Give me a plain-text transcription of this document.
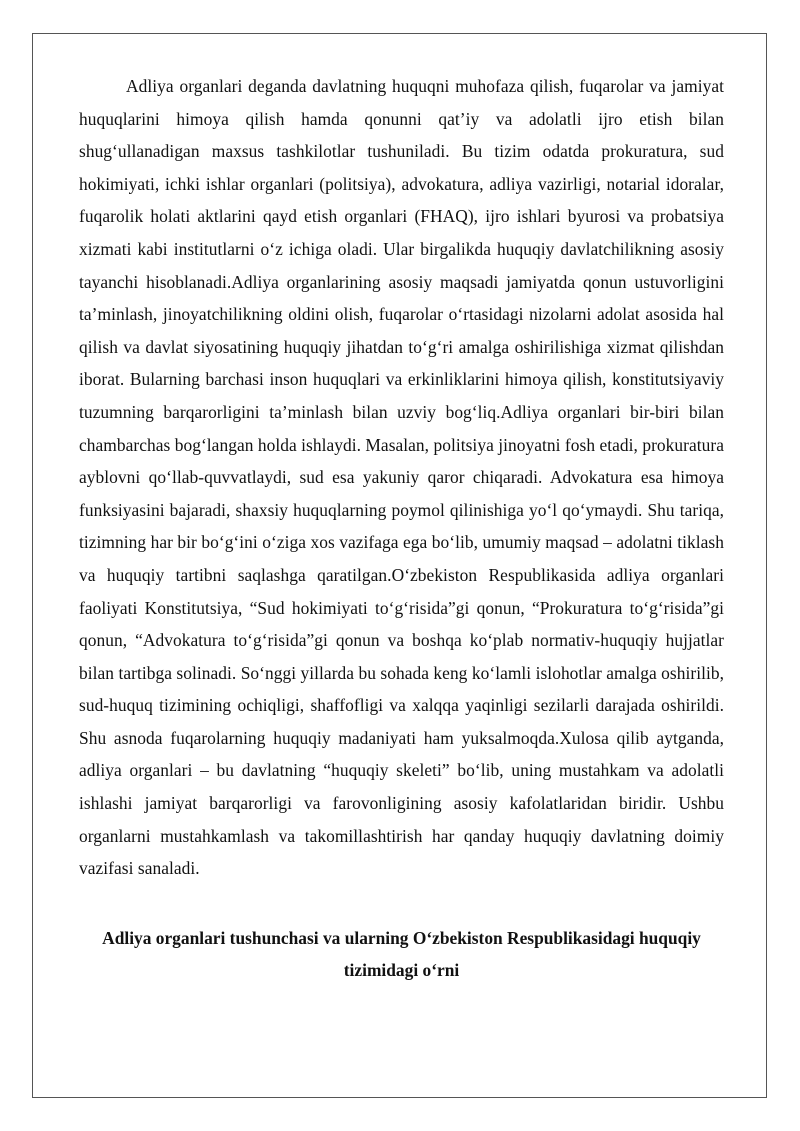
Adliya organlari deganda davlatning huquqni muhofaza qilish, fuqarolar va jamiyat huquqlarini himoya qilish hamda qonunni qat’iy va adolatli ijro etish bilan shug‘ullanadigan maxsus tashkilotlar tushuniladi. Bu tizim odatda prokuratura, sud hokimiyati, ichki ishlar organlari (politsiya), advokatura, adliya vazirligi, notarial idoralar, fuqarolik holati aktlarini qayd etish organlari (FHAQ), ijro ishlari byurosi va probatsiya xizmati kabi institutlarni o‘z ichiga oladi. Ular birgalikda huquqiy davlatchilikning asosiy tayanchi hisoblanadi.Adliya organlarining asosiy maqsadi jamiyatda qonun ustuvorligini ta’minlash, jinoyatchilikning oldini olish, fuqarolar o‘rtasidagi nizolarni adolat asosida hal qilish va davlat siyosatining huquqiy jihatdan to‘g‘ri amalga oshirilishiga xizmat qilishdan iborat. Bularning barchasi inson huquqlari va erkinliklarini himoya qilish, konstitutsiyaviy tuzumning barqarorligini ta’minlash bilan uzviy bog‘liq.Adliya organlari bir-biri bilan chambarchas bog‘langan holda ishlaydi. Masalan, politsiya jinoyatni fosh etadi, prokuratura ayblovni qo‘llab-quvvatlaydi, sud esa yakuniy qaror chiqaradi. Advokatura esa himoya funksiyasini bajaradi, shaxsiy huquqlarning poymol qilinishiga yo‘l qo‘ymaydi. Shu tariqa, tizimning har bir bo‘g‘ini o‘ziga xos vazifaga ega bo‘lib, umumiy maqsad – adolatni tiklash va huquqiy tartibni saqlashga qaratilgan.O‘zbekiston Respublikasida adliya organlari faoliyati Konstitutsiya, “Sud hokimiyati to‘g‘risida”gi qonun, “Prokuratura to‘g‘risida”gi qonun, “Advokatura to‘g‘risida”gi qonun va boshqa ko‘plab normativ-huquqiy hujjatlar bilan tartibga solinadi. So‘nggi yillarda bu sohada keng ko‘lamli islohotlar amalga oshirilib, sud-huquq tizimining ochiqligi, shaffofligi va xalqqa yaqinligi sezilarli darajada oshirildi. Shu asnoda fuqarolarning huquqiy madaniyati ham yuksalmoqda.Xulosa qilib aytganda, adliya organlari – bu davlatning “huquqiy skeleti” bo‘lib, uning mustahkam va adolatli ishlashi jamiyat barqarorligi va farovonligining asosiy kafolatlaridan biridir. Ushbu organlarni mustahkamlash va takomillashtirish har qanday huquqiy davlatning doimiy vazifasi sanaladi.

Adliya organlari tushunchasi va ularning O‘zbekiston Respublikasidagi huquqiy tizimidagi o‘rni
